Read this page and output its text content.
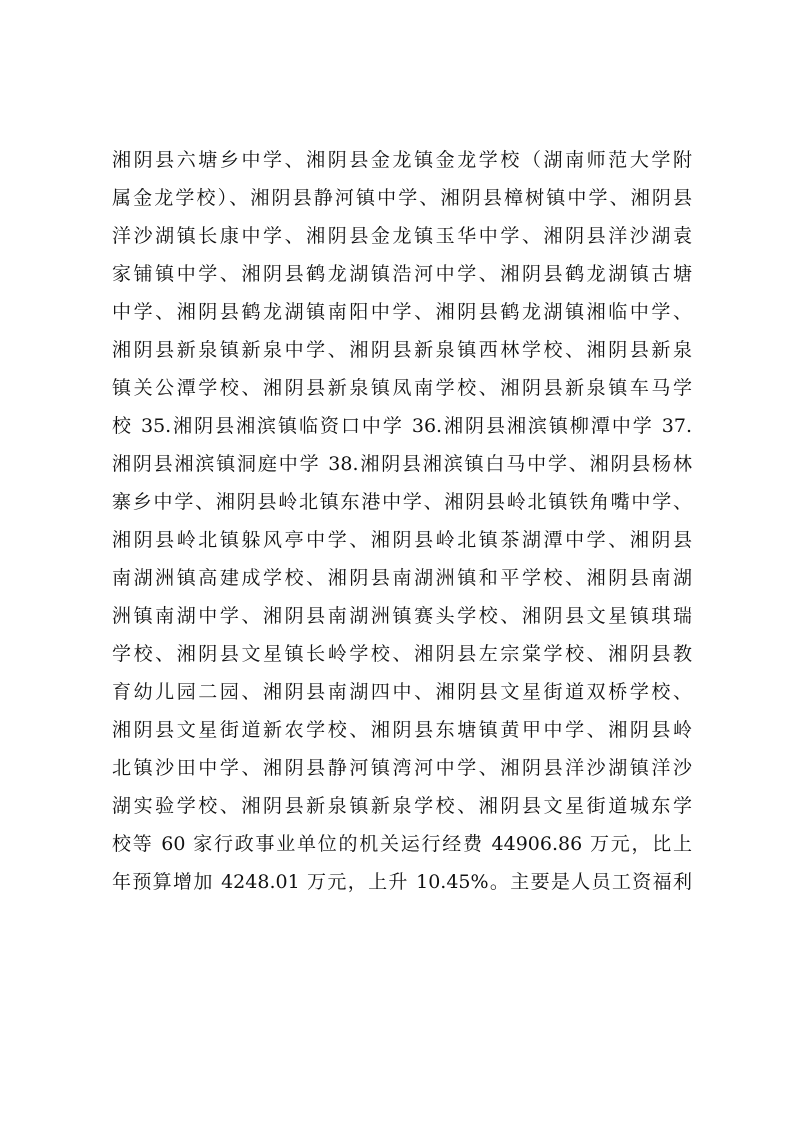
湘阴县六塘乡中学、湘阴县金龙镇金龙学校（湖南师范大学附
属金龙学校）、湘阴县静河镇中学、湘阴县樟树镇中学、湘阴县
洋沙湖镇长康中学、湘阴县金龙镇玉华中学、湘阴县洋沙湖袁
家铺镇中学、湘阴县鹤龙湖镇浩河中学、湘阴县鹤龙湖镇古塘
中学、湘阴县鹤龙湖镇南阳中学、湘阴县鹤龙湖镇湘临中学、
湘阴县新泉镇新泉中学、湘阴县新泉镇西林学校、湘阴县新泉
镇关公潭学校、湘阴县新泉镇凤南学校、湘阴县新泉镇车马学
校 35.湘阴县湘滨镇临资口中学 36.湘阴县湘滨镇柳潭中学 37.
湘阴县湘滨镇洞庭中学 38.湘阴县湘滨镇白马中学、湘阴县杨林
寨乡中学、湘阴县岭北镇东港中学、湘阴县岭北镇铁角嘴中学、
湘阴县岭北镇躲风亭中学、湘阴县岭北镇茶湖潭中学、湘阴县
南湖洲镇高建成学校、湘阴县南湖洲镇和平学校、湘阴县南湖
洲镇南湖中学、湘阴县南湖洲镇赛头学校、湘阴县文星镇琪瑞
学校、湘阴县文星镇长岭学校、湘阴县左宗棠学校、湘阴县教
育幼儿园二园、湘阴县南湖四中、湘阴县文星街道双桥学校、
湘阴县文星街道新农学校、湘阴县东塘镇黄甲中学、湘阴县岭
北镇沙田中学、湘阴县静河镇湾河中学、湘阴县洋沙湖镇洋沙
湖实验学校、湘阴县新泉镇新泉学校、湘阴县文星街道城东学
校等 60 家行政事业单位的机关运行经费 44906.86 万元，比上
年预算增加 4248.01 万元，上升 10.45%。主要是人员工资福利
